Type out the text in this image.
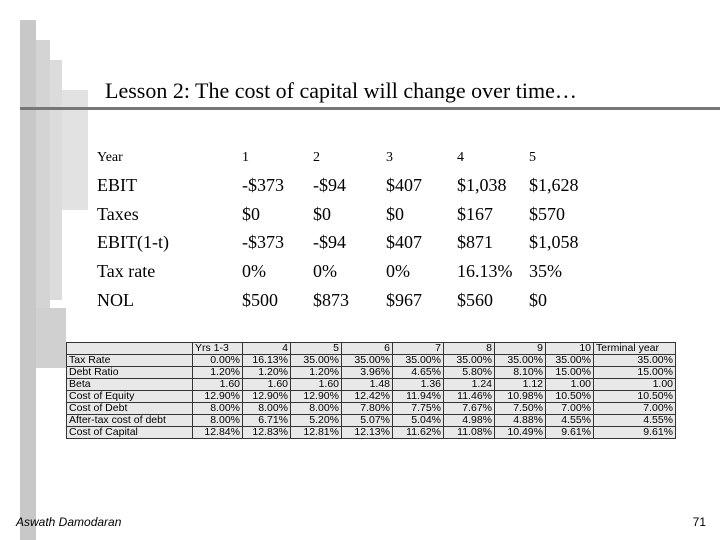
Lesson 2: The cost of capital will change over time…
Year	1	2	3	4	5
EBIT	-$373 -$94 $407 $1,038 $1,628
Taxes	$0	$0	$0	$167 $570
EBIT(1-t)	-$373 -$94 $407 $871 $1,058
Tax rate	0%	0%	0%	16.13% 35%
NOL	$500 $873 $967 $560 $0
	Yrs 1-3	4	5	6	7	8	9	10	Terminal year
Tax Rate	0.00%	16.13%	35.00%	35.00%	35.00%	35.00%	35.00%	35.00%	35.00%
Debt Ratio	1.20%	1.20%	1.20%	3.96%	4.65%	5.80%	8.10%	15.00%	15.00%
Beta	1.60	1.60	1.60	1.48	1.36	1.24	1.12	1.00	1.00
Cost of Equity	12.90%	12.90%	12.90%	12.42%	11.94%	11.46%	10.98%	10.50%	10.50%
Cost of Debt	8.00%	8.00%	8.00%	7.80%	7.75%	7.67%	7.50%	7.00%	7.00%
After-tax cost of debt	8.00%	6.71%	5.20%	5.07%	5.04%	4.98%	4.88%	4.55%	4.55%
Cost of Capital	12.84%	12.83%	12.81%	12.13%	11.62%	11.08%	10.49%	9.61%	9.61%
Aswath Damodaran	71
